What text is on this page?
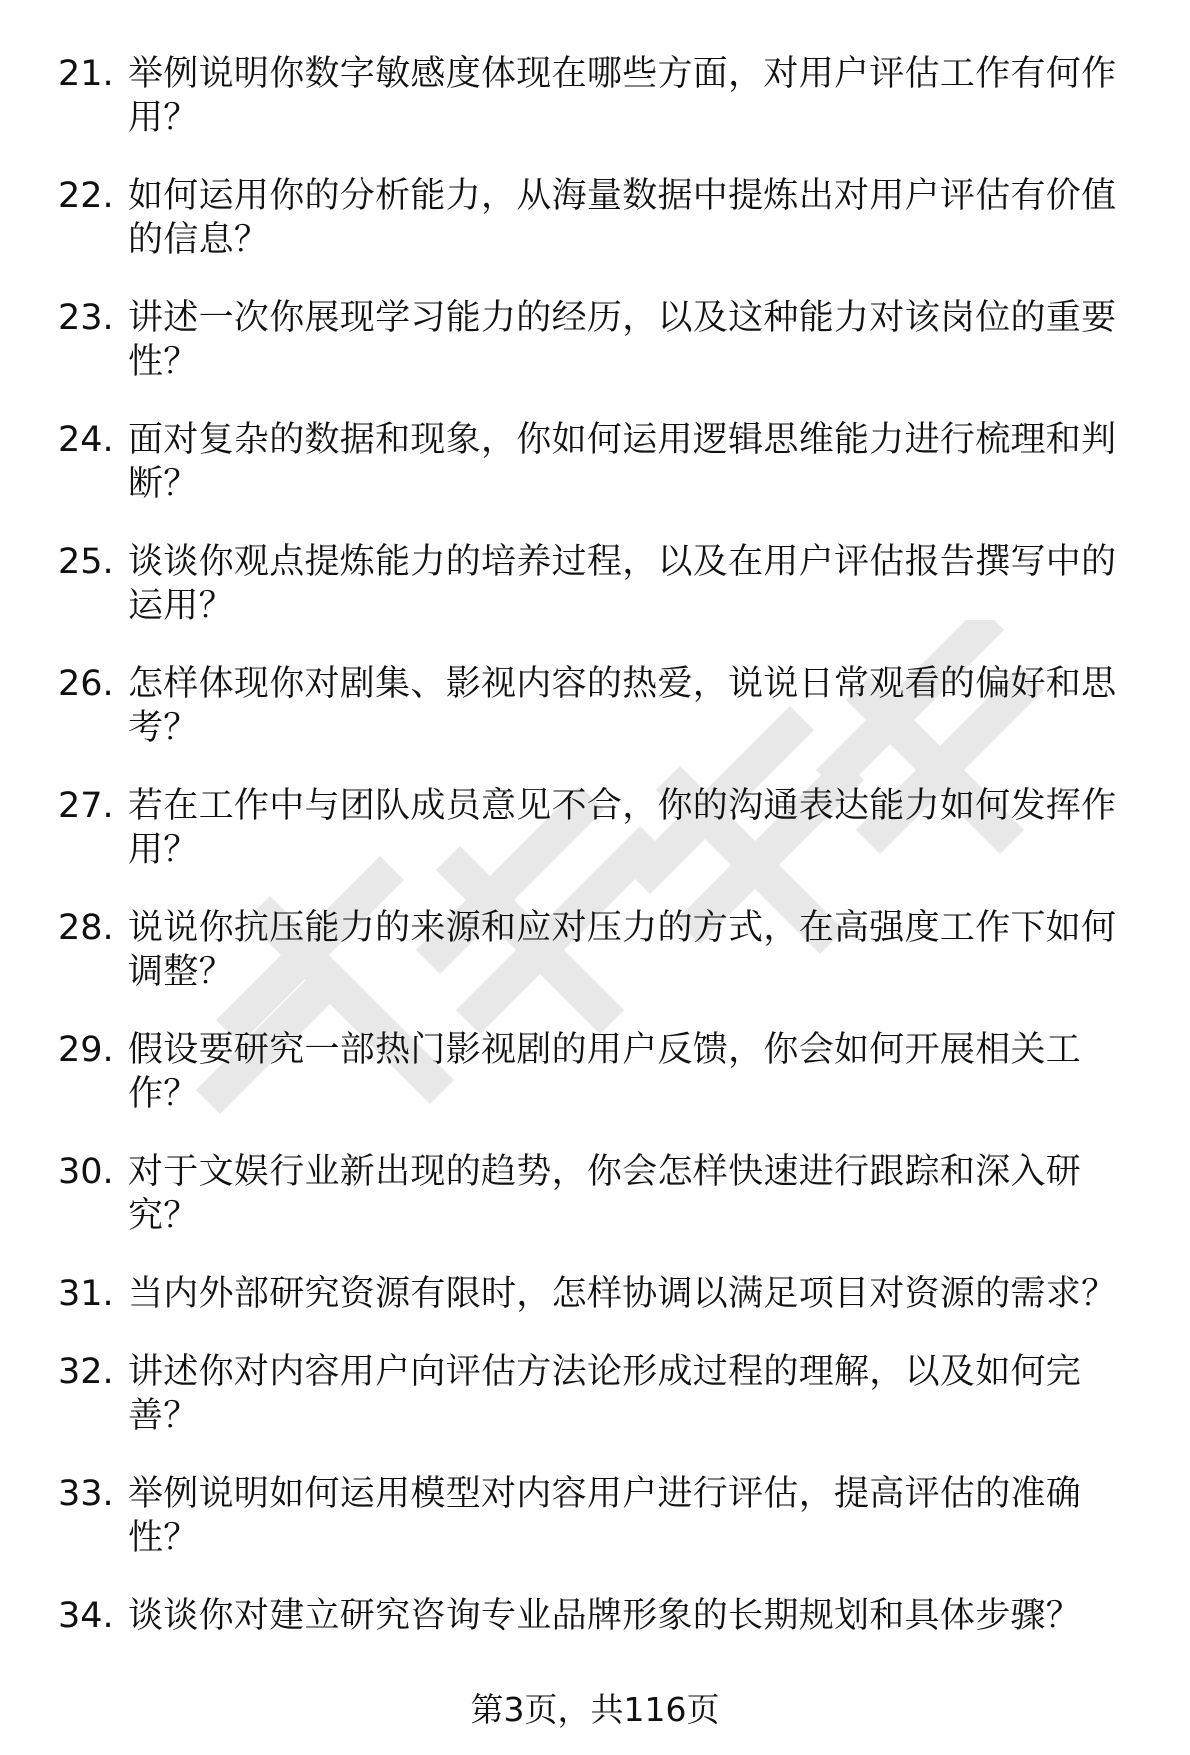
21. 举例说明你数字敏感度体现在哪些方面，对用户评估工作有何作用？
22. 如何运用你的分析能力，从海量数据中提炼出对用户评估有价值的信息？
23. 讲述一次你展现学习能力的经历，以及这种能力对该岗位的重要性？
24. 面对复杂的数据和现象，你如何运用逻辑思维能力进行梳理和判断？
25. 谈谈你观点提炼能力的培养过程，以及在用户评估报告撰写中的运用？
26. 怎样体现你对剧集、影视内容的热爱，说说日常观看的偏好和思考？
27. 若在工作中与团队成员意见不合，你的沟通表达能力如何发挥作用？
28. 说说你抗压能力的来源和应对压力的方式，在高强度工作下如何调整？
29. 假设要研究一部热门影视剧的用户反馈，你会如何开展相关工作？
30. 对于文娱行业新出现的趋势，你会怎样快速进行跟踪和深入研究？
31. 当内外部研究资源有限时，怎样协调以满足项目对资源的需求？
32. 讲述你对内容用户向评估方法论形成过程的理解，以及如何完善？
33. 举例说明如何运用模型对内容用户进行评估，提高评估的准确性？
34. 谈谈你对建立研究咨询专业品牌形象的长期规划和具体步骤？
第3页，共116页
